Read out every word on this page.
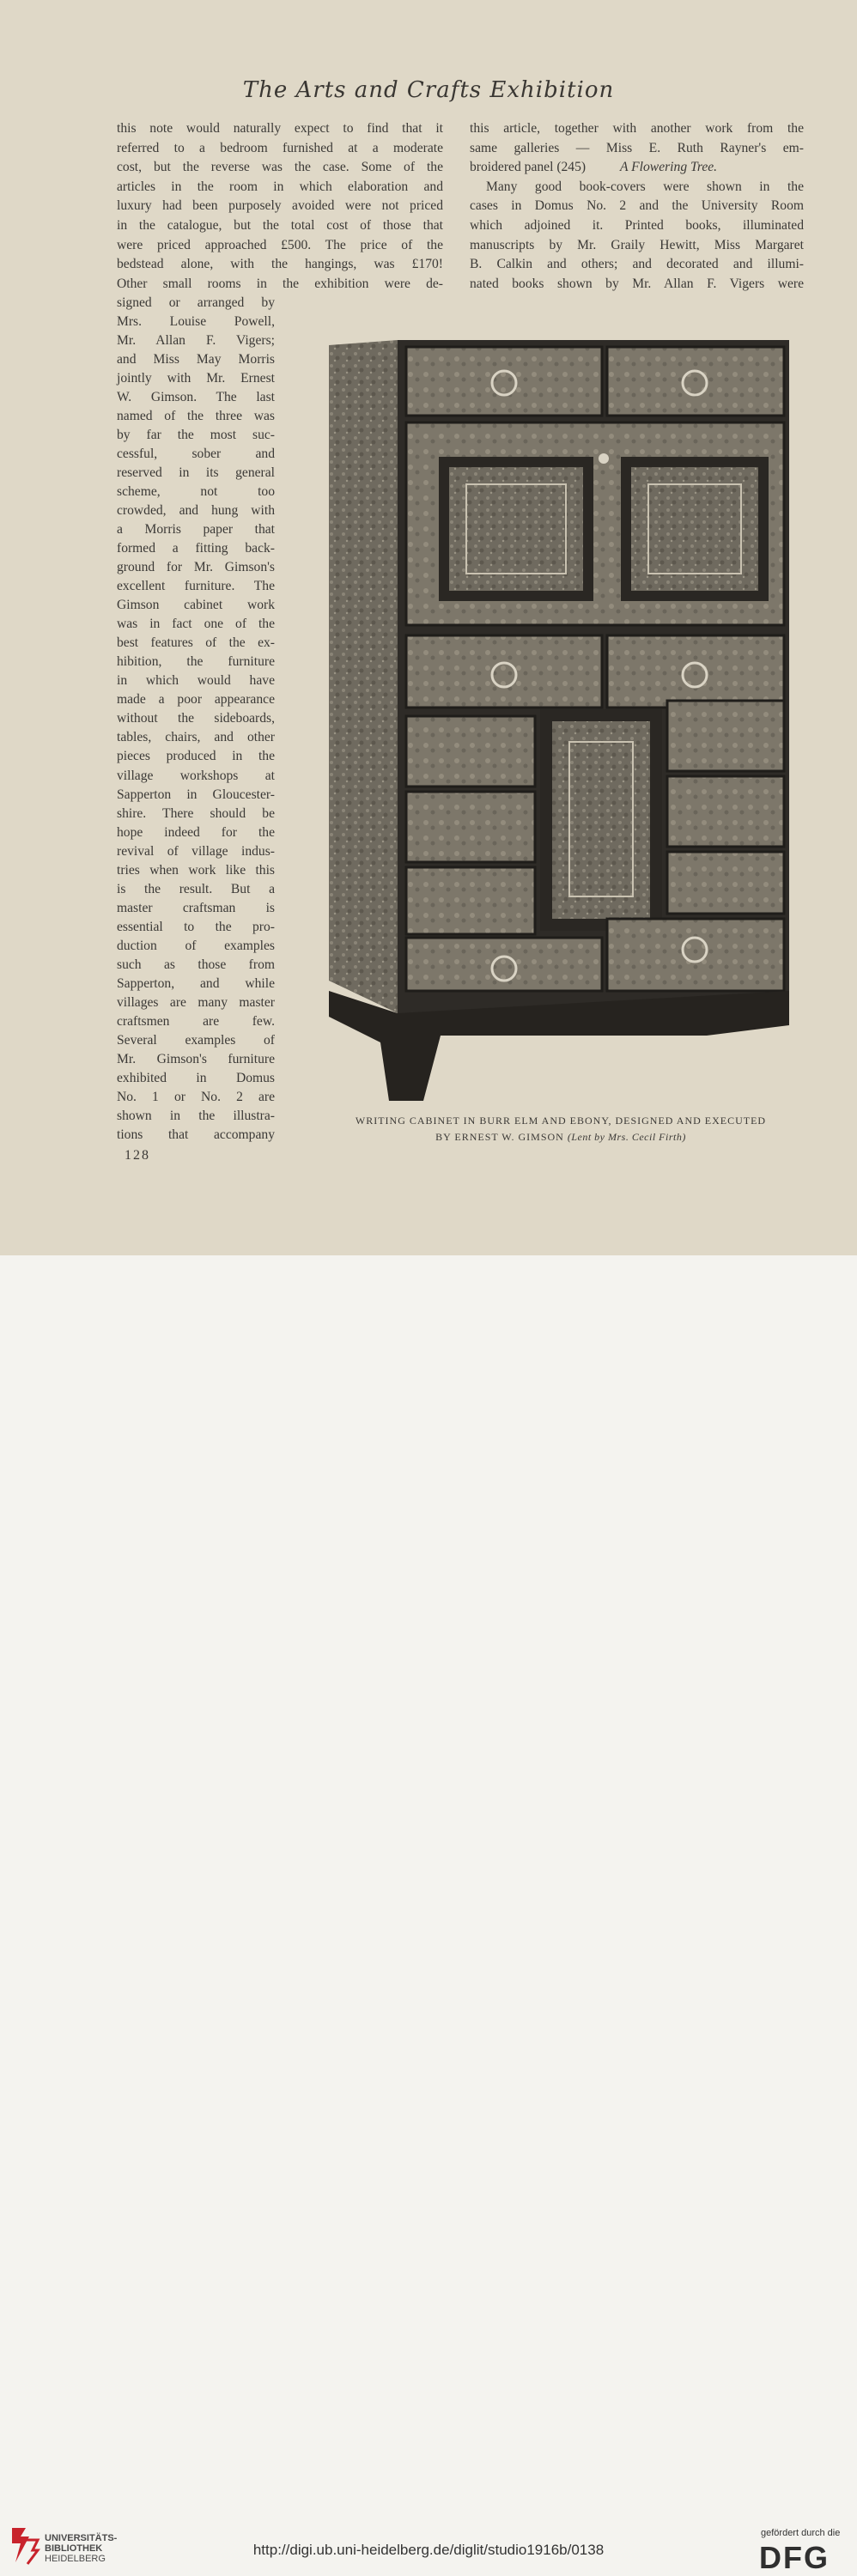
The Arts and Crafts Exhibition
this note would naturally expect to find that it
referred to a bedroom furnished at a moderate
cost, but the reverse was the case. Some of the
articles in the room in which elaboration and
luxury had been purposely avoided were not priced
in the catalogue, but the total cost of those that
were priced approached £500. The price of the
bedstead alone, with the hangings, was £170!
Other small rooms in the exhibition were de-
signed or arranged by
Mrs. Louise Powell,
Mr. Allan F. Vigers;
and Miss May Morris
jointly with Mr. Ernest
W. Gimson. The last
named of the three was
by far the most suc-
cessful, sober and
reserved in its general
scheme, not too
crowded, and hung with
a Morris paper that
formed a fitting back-
ground for Mr. Gimson's
excellent furniture. The
Gimson cabinet work
was in fact one of the
best features of the ex-
hibition, the furniture
in which would have
made a poor appearance
without the sideboards,
tables, chairs, and other
pieces produced in the
village workshops at
Sapperton in Gloucester-
shire. There should be
hope indeed for the
revival of village indus-
tries when work like this
is the result. But a
master craftsman is
essential to the pro-
duction of examples
such as those from
Sapperton, and while
villages are many master
craftsmen are few.
Several examples of
Mr. Gimson's furniture
exhibited in Domus
No. 1 or No. 2 are
shown in the illustra-
tions that accompany
this article, together with another work from the
same galleries — Miss E. Ruth Rayner's em-
broidered panel (245)	A Flowering Tree.
Many good book-covers were shown in the
cases in Domus No. 2 and the University Room
which adjoined it. Printed books, illuminated
manuscripts by Mr. Graily Hewitt, Miss Margaret
B. Calkin and others; and decorated and illumi-
nated books shown by Mr. Allan F. Vigers were
WRITING CABINET IN BURR ELM AND EBONY, DESIGNED AND EXECUTED
BY ERNEST W. GIMSON (Lent by Mrs. Cecil Firth)
128
UNIVERSITÄTS-
BIBLIOTHEK
HEIDELBERG
http://digi.ub.uni-heidelberg.de/diglit/studio1916b/0138
gefördert durch die
DFG
